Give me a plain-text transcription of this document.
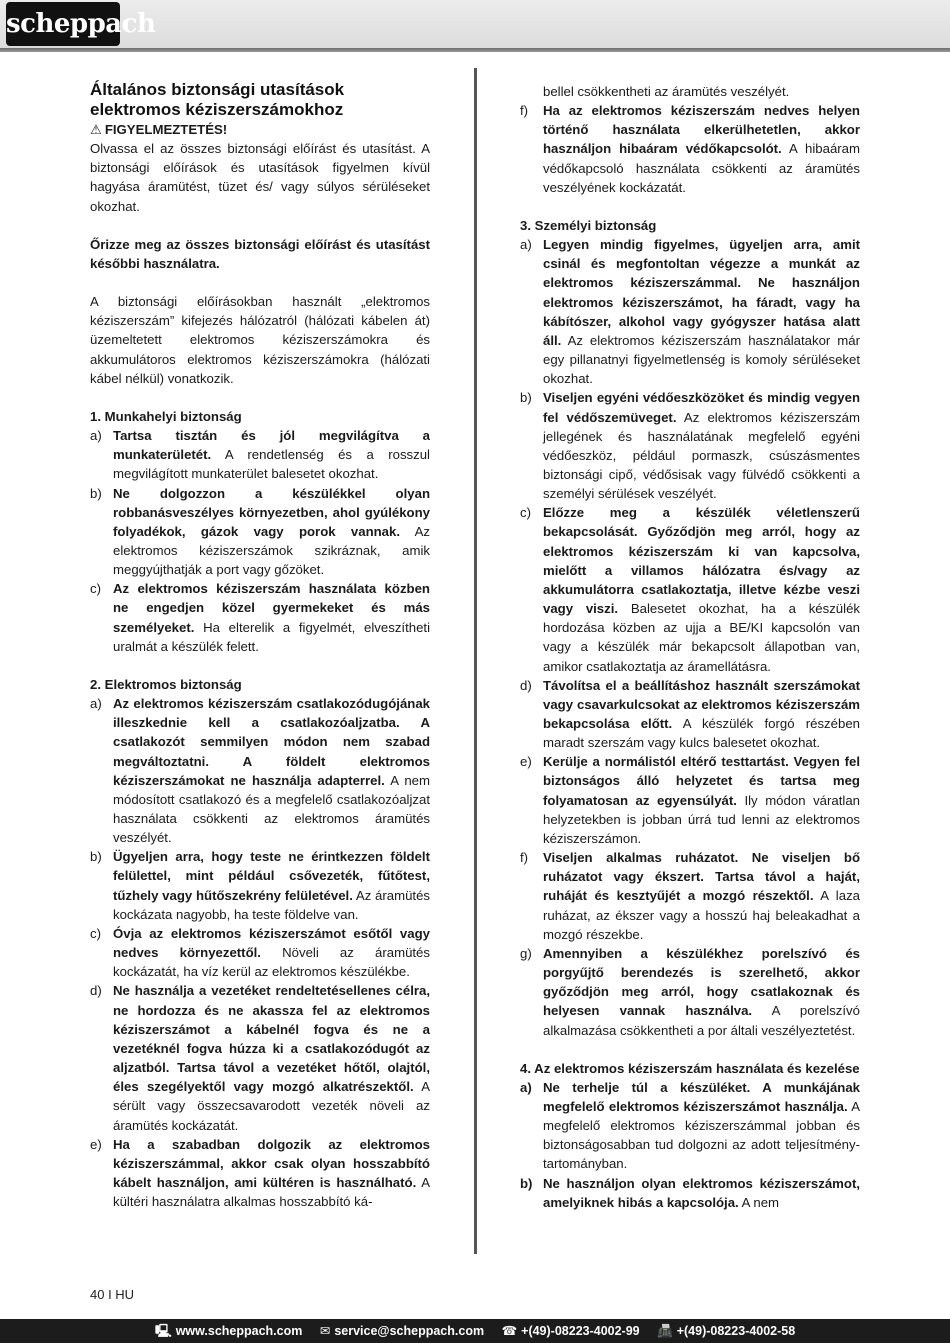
scheppach
Általános biztonsági utasítások elektromos kéziszerszámokhoz
⚠ FIGYELMEZTETÉS!

Olvassa el az összes biztonsági előírást és utasítást. A biztonsági előírások és utasítások figyelmen kívül hagyása áramütést, tüzet és/ vagy súlyos sérüléseket okozhat.

Őrizze meg az összes biztonsági előírást és utasítást későbbi használatra.

A biztonsági előírásokban használt „elektromos kéziszerszám” kifejezés hálózatról (hálózati kábelen át) üzemeltetett elektromos kéziszerszámokra és akkumulátoros elektromos kéziszerszámokra (hálózati kábel nélkül) vonatkozik.

1. Munkahelyi biztonság

a) Tartsa tisztán és jól megvilágítva a munkaterületét. A rendetlenség és a rosszul megvilágított munkaterület balesetet okozhat.
b) Ne dolgozzon a készülékkel olyan robbanásveszélyes környezetben, ahol gyúlékony folyadékok, gázok vagy porok vannak. Az elektromos kéziszerszámok szikráznak, amik meggyújthatják a port vagy gőzöket.
c) Az elektromos kéziszerszám használata közben ne engedjen közel gyermekeket és más személyeket. Ha elterelik a figyelmét, elveszítheti uralmát a készülék felett.

2. Elektromos biztonság

a) Az elektromos kéziszerszám csatlakozódugójának illeszkednie kell a csatlakozóaljzatba. A csatlakozót semmilyen módon nem szabad megváltoztatni. A földelt elektromos kéziszerszámokat ne használja adapterrel. A nem módosított csatlakozó és a megfelelő csatlakozóaljzat használata csökkenti az elektromos áramütés veszélyét.
b) Ügyeljen arra, hogy teste ne érintkezzen földelt felülettel, mint például csővezeték, fűtőtest, tűzhely vagy hűtőszekrény felületével. Az áramütés kockázata nagyobb, ha teste földelve van.
c) Óvja az elektromos kéziszerszámot esőtől vagy nedves környezettől. Növeli az áramütés kockázatát, ha víz kerül az elektromos készülékbe.
d) Ne használja a vezetéket rendeltetésellenes célra, ne hordozza és ne akassza fel az elektromos kéziszerszámot a kábelnél fogva és ne a vezetéknél fogva húzza ki a csatlakozódugót az aljzatból. Tartsa távol a vezetéket hőtől, olajtól, éles szegélyektől vagy mozgó alkatrészektől. A sérült vagy összecsavarodott vezeték növeli az áramütés kockázatát.
e) Ha a szabadban dolgozik az elektromos kéziszerszámmal, akkor csak olyan hosszabbító kábelt használjon, ami kültéren is használható. A kültéri használatra alkalmas hosszabbító ká-
bellel csökkentheti az áramütés veszélyét.
f) Ha az elektromos kéziszerszám nedves helyen történő használata elkerülhetetlen, akkor használjon hibaáram védőkapcsolót. A hibaáram védőkapcsoló használata csökkenti az áramütés veszélyének kockázatát.

3. Személyi biztonság

a) Legyen mindig figyelmes, ügyeljen arra, amit csinál és megfontoltan végezze a munkát az elektromos kéziszerszámmal. Ne használjon elektromos kéziszerszámot, ha fáradt, vagy ha kábítószer, alkohol vagy gyógyszer hatása alatt áll. Az elektromos kéziszerszám használatakor már egy pillanatnyi figyelmetlenség is komoly sérüléseket okozhat.
b) Viseljen egyéni védőeszközöket és mindig vegyen fel védőszemüveget. Az elektromos kéziszerszám jellegének és használatának megfelelő egyéni védőeszköz, például pormaszk, csúszásmentes biztonsági cipő, védősisak vagy fülvédő csökkenti a személyi sérülések veszélyét.
c) Előzze meg a készülék véletlenszerű bekapcsolását. Győződjön meg arról, hogy az elektromos kéziszerszám ki van kapcsolva, mielőtt a villamos hálózatra és/vagy az akkumulátorra csatlakoztatja, illetve kézbe veszi vagy viszi. Balesetet okozhat, ha a készülék hordozása közben az ujja a BE/KI kapcsolón van vagy a készülék már bekapcsolt állapotban van, amikor csatlakoztatja az áramellátásra.
d) Távolítsa el a beállításhoz használt szerszámokat vagy csavarkulcsokat az elektromos kéziszerszám bekapcsolása előtt. A készülék forgó részében maradt szerszám vagy kulcs balesetet okozhat.
e) Kerülje a normálistól eltérő testtartást. Vegyen fel biztonságos álló helyzetet és tartsa meg folyamatosan az egyensúlyát. Ily módon váratlan helyzetekben is jobban úrrá tud lenni az elektromos kéziszerszámon.
f) Viseljen alkalmas ruházatot. Ne viseljen bő ruházatot vagy ékszert. Tartsa távol a haját, ruháját és kesztyűjét a mozgó részektől. A laza ruházat, az ékszer vagy a hosszú haj beleakadhat a mozgó részekbe.
g) Amennyiben a készülékhez porelszívó és porgyűjtő berendezés is szerelhető, akkor győződjön meg arról, hogy csatlakoznak és helyesen vannak használva. A porelszívó alkalmazása csökkentheti a por általi veszélyeztetést.

4. Az elektromos kéziszerszám használata és kezelése

a) Ne terhelje túl a készüléket. A munkájának megfelelő elektromos kéziszerszámot használja. A megfelelő elektromos kéziszerszámmal jobban és biztonságosabban tud dolgozni az adott teljesítmény-tartományban.
b) Ne használjon olyan elektromos kéziszerszámot, amelyiknek hibás a kapcsolója. A nem
40 I HU
🖳 www.scheppach.com ✉ service@scheppach.com ☎ +(49)-08223-4002-99 📠 +(49)-08223-4002-58
